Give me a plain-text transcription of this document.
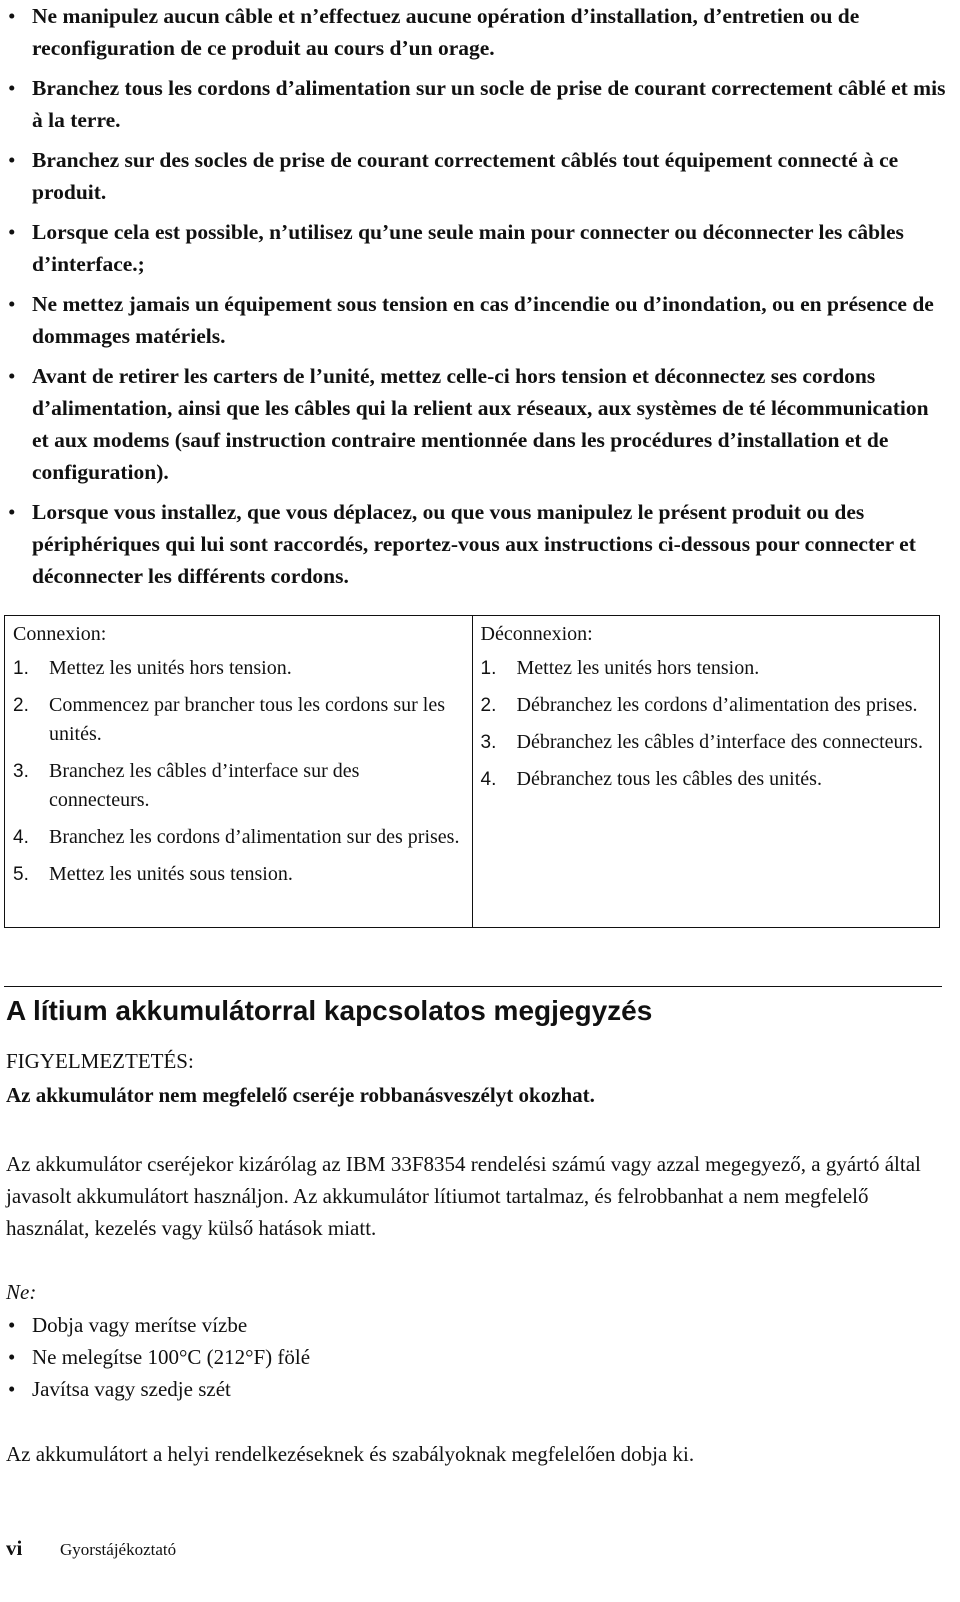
• Ne manipulez aucun câble et n’effectuez aucune opération d’installation, d’entretien ou de reconfiguration de ce produit au cours d’un orage.
• Branchez tous les cordons d’alimentation sur un socle de prise de courant correctement câblé et mis à la terre.
• Branchez sur des socles de prise de courant correctement câblés tout équipement connecté à ce produit.
• Lorsque cela est possible, n’utilisez qu’une seule main pour connecter ou déconnecter les câbles d’interface.;
• Ne mettez jamais un équipement sous tension en cas d’incendie ou d’inondation, ou en présence de dommages matériels.
• Avant de retirer les carters de l’unité, mettez celle-ci hors tension et déconnectez ses cordons d’alimentation, ainsi que les câbles qui la relient aux réseaux, aux systèmes de té lécommunication et aux modems (sauf instruction contraire mentionnée dans les procédures d’installation et de configuration).
• Lorsque vous installez, que vous déplacez, ou que vous manipulez le présent produit ou des périphériques qui lui sont raccordés, reportez-vous aux instructions ci-dessous pour connecter et déconnecter les différents cordons.
Connexion:
1. Mettez les unités hors tension.
2. Commencez par brancher tous les cordons sur les unités.
3. Branchez les câbles d’interface sur des connecteurs.
4. Branchez les cordons d’alimentation sur des prises.
5. Mettez les unités sous tension.
Déconnexion:
1. Mettez les unités hors tension.
2. Débranchez les cordons d’alimentation des prises.
3. Débranchez les câbles d’interface des connecteurs.
4. Débranchez tous les câbles des unités.
A lítium akkumulátorral kapcsolatos megjegyzés
FIGYELMEZTETÉS:
Az akkumulátor nem megfelelő cseréje robbanásveszélyt okozhat.

Az akkumulátor cseréjekor kizárólag az IBM 33F8354 rendelési számú vagy azzal megegyező, a gyártó által javasolt akkumulátort használjon. Az akkumulátor lítiumot tartalmaz, és felrobbanhat a nem megfelelő használat, kezelés vagy külső hatások miatt.

Ne:
• Dobja vagy merítse vízbe
• Ne melegítse 100°C (212°F) fölé
• Javítsa vagy szedje szét

Az akkumulátort a helyi rendelkezéseknek és szabályoknak megfelelően dobja ki.

vi	Gyorstájékoztató
